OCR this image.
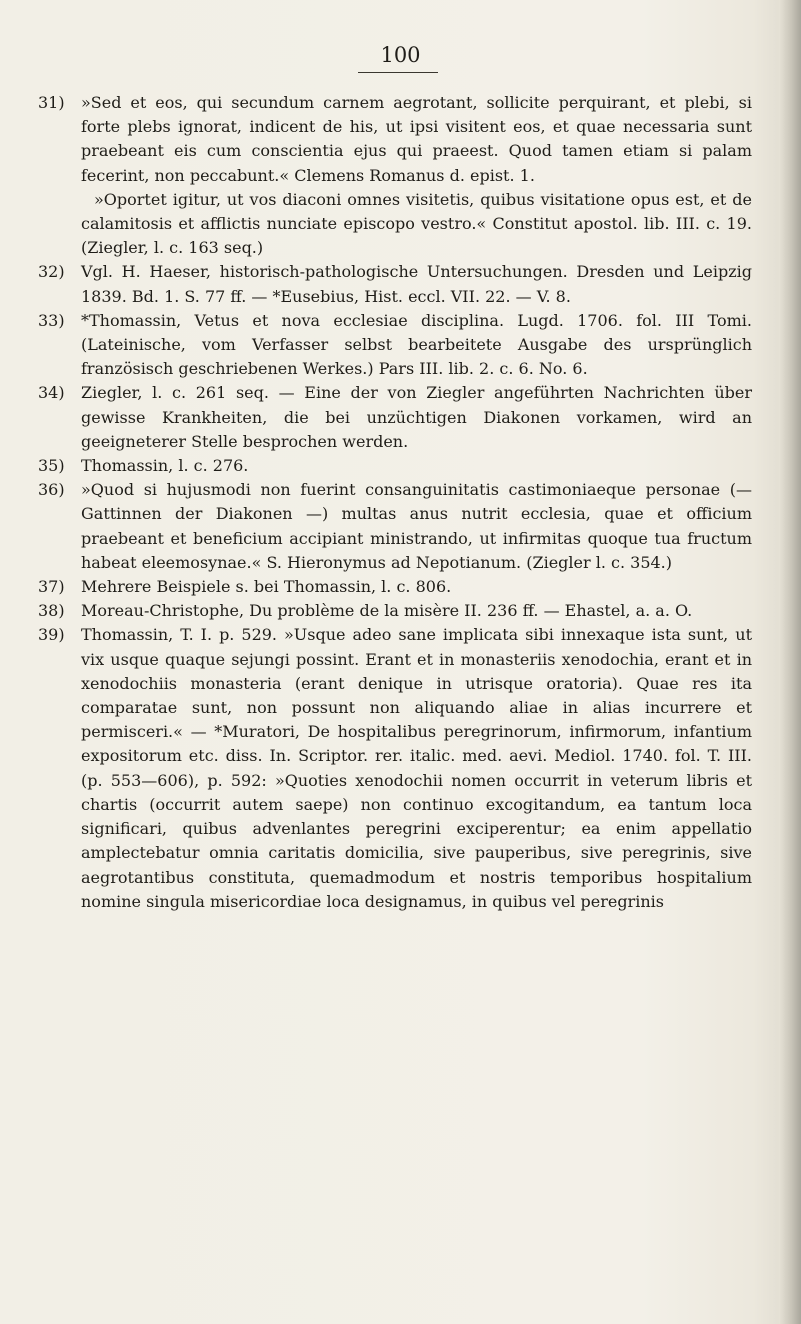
100
31) »Sed et eos, qui secundum carnem aegrotant, sollicite perquirant, et plebi, si forte plebs ignorat, indicent de his, ut ipsi visitent eos, et quae necessaria sunt praebeant eis cum conscientia ejus qui praeest. Quod tamen etiam si palam fecerint, non peccabunt.« Clemens Romanus d. epist. 1.
»Oportet igitur, ut vos diaconi omnes visitetis, quibus visitatione opus est, et de calamitosis et afflictis nunciate episcopo vestro.« Constitut apostol. lib. III. c. 19. (Ziegler, l. c. 163 seq.)
32) Vgl. H. Haeser, historisch-pathologische Untersuchungen. Dresden und Leipzig 1839. Bd. 1. S. 77 ff. — *Eusebius, Hist. eccl. VII. 22. — V. 8.
33) *Thomassin, Vetus et nova ecclesiae disciplina. Lugd. 1706. fol. III Tomi. (Lateinische, vom Verfasser selbst bearbeitete Ausgabe des ursprünglich französisch geschriebenen Werkes.) Pars III. lib. 2. c. 6. No. 6.
34) Ziegler, l. c. 261 seq. — Eine der von Ziegler angeführten Nachrichten über gewisse Krankheiten, die bei unzüchtigen Diakonen vorkamen, wird an geeigneterer Stelle besprochen werden.
35) Thomassin, l. c. 276.
36) »Quod si hujusmodi non fuerint consanguinitatis castimoniaeque personae (— Gattinnen der Diakonen —) multas anus nutrit ecclesia, quae et officium praebeant et beneficium accipiant ministrando, ut infirmitas quoque tua fructum habeat eleemosynae.« S. Hieronymus ad Nepotianum. (Ziegler l. c. 354.)
37) Mehrere Beispiele s. bei Thomassin, l. c. 806.
38) Moreau-Christophe, Du problème de la misère II. 236 ff. — Ehastel, a. a. O.
39) Thomassin, T. I. p. 529. »Usque adeo sane implicata sibi innexaque ista sunt, ut vix usque quaque sejungi possint. Erant et in monasteriis xenodochia, erant et in xenodochiis monasteria (erant denique in utrisque oratoria). Quae res ita comparatae sunt, non possunt non aliquando aliae in alias incurrere et permisceri.« — *Muratori, De hospitalibus peregrinorum, infirmorum, infantium expositorum etc. diss. In. Scriptor. rer. italic. med. aevi. Mediol. 1740. fol. T. III. (p. 553—606), p. 592: »Quoties xenodochii nomen occurrit in veterum libris et chartis (occurrit autem saepe) non continuo excogitandum, ea tantum loca significari, quibus advenlantes peregrini exciperentur; ea enim appellatio amplectebatur omnia caritatis domicilia, sive pauperibus, sive peregrinis, sive aegrotantibus constituta, quemadmodum et nostris temporibus hospitalium nomine singula misericordiae loca designamus, in quibus vel peregrinis
